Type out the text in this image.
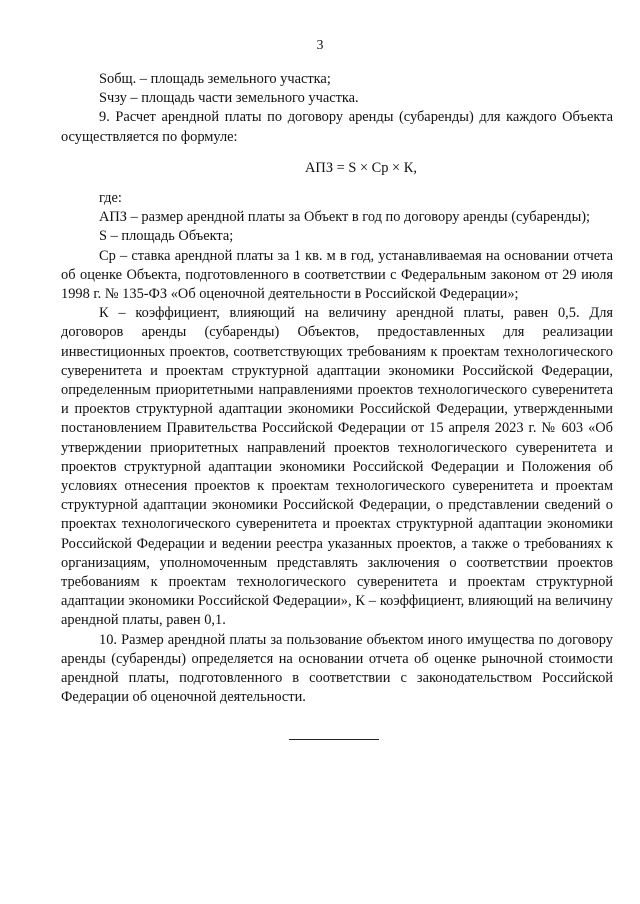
3

Sобщ. – площадь земельного участка;

Sчзу – площадь части земельного участка.

9. Расчет арендной платы по договору аренды (субаренды) для каждого Объекта осуществляется по формуле:

АПЗ = S × Ср × К,

где:

АПЗ – размер арендной платы за Объект в год по договору аренды (субаренды);

S – площадь Объекта;

Ср – ставка арендной платы за 1 кв. м в год, устанавливаемая на основании отчета об оценке Объекта, подготовленного в соответствии с Федеральным законом от 29 июля 1998 г. № 135-ФЗ «Об оценочной деятельности в Российской Федерации»;

К – коэффициент, влияющий на величину арендной платы, равен 0,5. Для договоров аренды (субаренды) Объектов, предоставленных для реализации инвестиционных проектов, соответствующих требованиям к проектам технологического суверенитета и проектам структурной адаптации экономики Российской Федерации, определенным приоритетными направлениями проектов технологического суверенитета и проектов структурной адаптации экономики Российской Федерации, утвержденными постановлением Правительства Российской Федерации от 15 апреля 2023 г. № 603 «Об утверждении приоритетных направлений проектов технологического суверенитета и проектов структурной адаптации экономики Российской Федерации и Положения об условиях отнесения проектов к проектам технологического суверенитета и проектам структурной адаптации экономики Российской Федерации, о представлении сведений о проектах технологического суверенитета и проектах структурной адаптации экономики Российской Федерации и ведении реестра указанных проектов, а также о требованиях к организациям, уполномоченным представлять заключения о соответствии проектов требованиям к проектам технологического суверенитета и проектам структурной адаптации экономики Российской Федерации», К – коэффициент, влияющий на величину арендной платы, равен 0,1.

10. Размер арендной платы за пользование объектом иного имущества по договору аренды (субаренды) определяется на основании отчета об оценке рыночной стоимости арендной платы, подготовленного в соответствии с законодательством Российской Федерации об оценочной деятельности.
